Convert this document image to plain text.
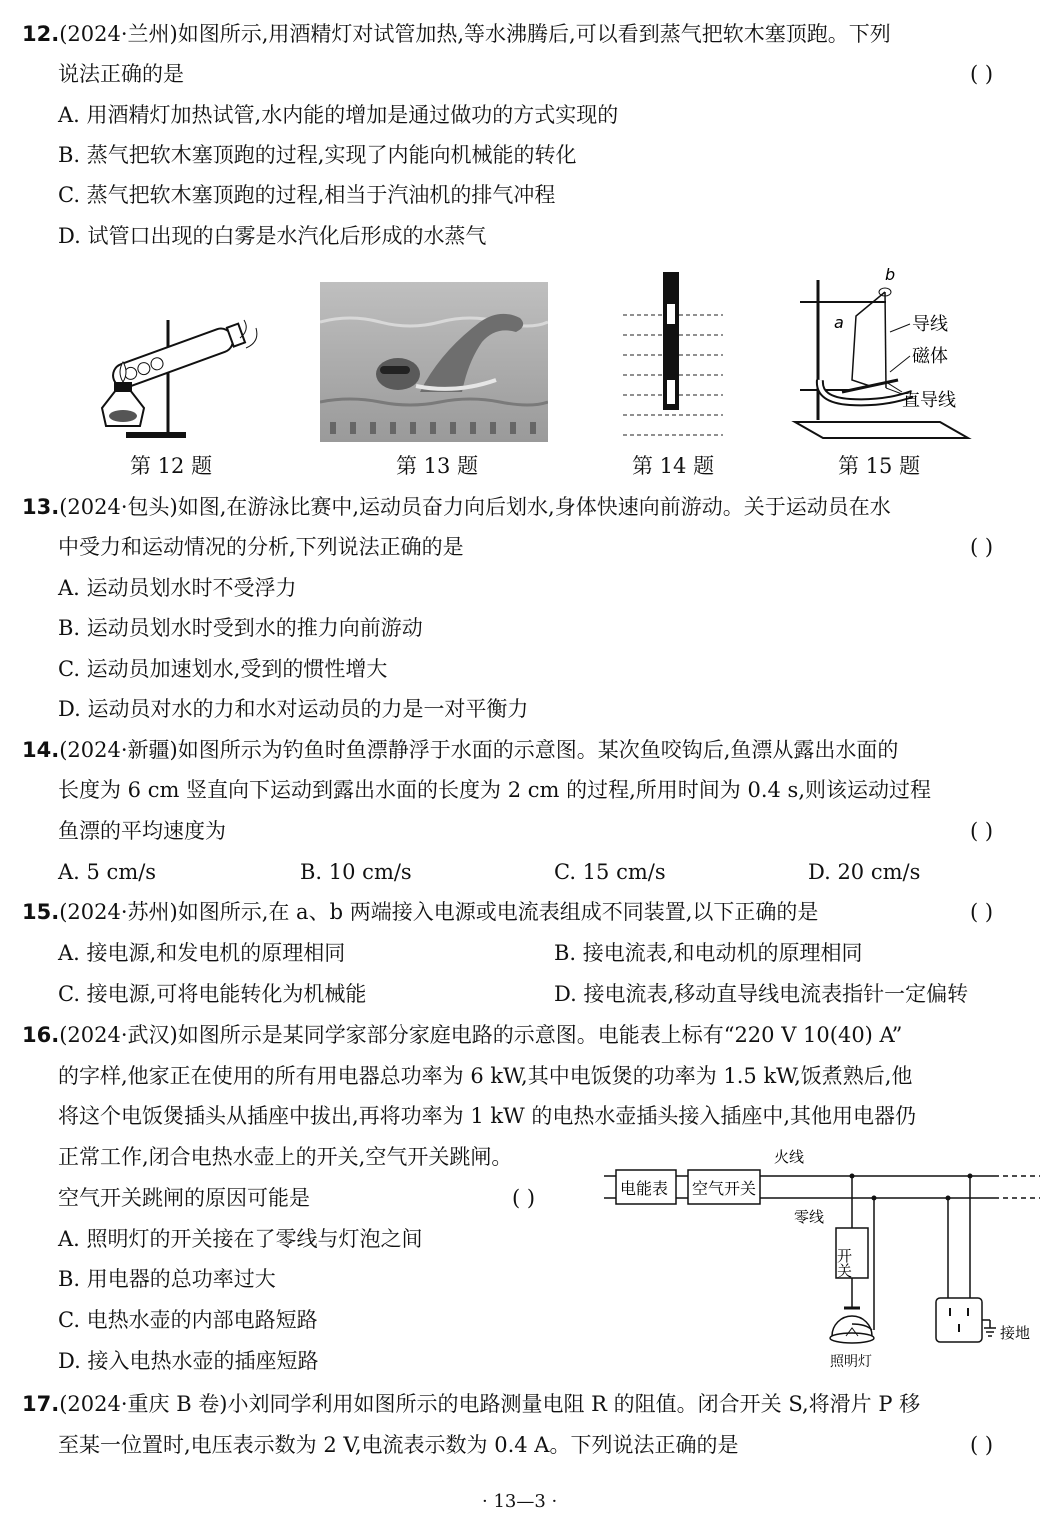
12.(2024·兰州)如图所示,用酒精灯对试管加热,等水沸腾后,可以看到蒸气把软木塞顶跑。下列
说法正确的是	( )
A. 用酒精灯加热试管,水内能的增加是通过做功的方式实现的
B. 蒸气把软木塞顶跑的过程,实现了内能向机械能的转化
C. 蒸气把软木塞顶跑的过程,相当于汽油机的排气冲程
D. 试管口出现的白雾是水汽化后形成的水蒸气
第 12 题	第 13 题	第 14 题
b
a	导线
磁体
直导线
第 15 题
13.(2024·包头)如图,在游泳比赛中,运动员奋力向后划水,身体快速向前游动。关于运动员在水
中受力和运动情况的分析,下列说法正确的是	( )
A. 运动员划水时不受浮力
B. 运动员划水时受到水的推力向前游动
C. 运动员加速划水,受到的惯性增大
D. 运动员对水的力和水对运动员的力是一对平衡力
14.(2024·新疆)如图所示为钓鱼时鱼漂静浮于水面的示意图。某次鱼咬钩后,鱼漂从露出水面的
长度为 6 cm 竖直向下运动到露出水面的长度为 2 cm 的过程,所用时间为 0.4 s,则该运动过程
鱼漂的平均速度为	( )
A. 5 cm/s	B. 10 cm/s	C. 15 cm/s	D. 20 cm/s
15.(2024·苏州)如图所示,在 a、b 两端接入电源或电流表组成不同装置,以下正确的是	( )
A. 接电源,和发电机的原理相同	B. 接电流表,和电动机的原理相同
C. 接电源,可将电能转化为机械能	D. 接电流表,移动直导线电流表指针一定偏转
16.(2024·武汉)如图所示是某同学家部分家庭电路的示意图。电能表上标有“220 V 10(40) A”
的字样,他家正在使用的所有用电器总功率为 6 kW,其中电饭煲的功率为 1.5 kW,饭煮熟后,他
将这个电饭煲插头从插座中拔出,再将功率为 1 kW 的电热水壶插头接入插座中,其他用电器仍
正常工作,闭合电热水壶上的开关,空气开关跳闸。
空气开关跳闸的原因可能是	( )
A. 照明灯的开关接在了零线与灯泡之间
B. 用电器的总功率过大
C. 电热水壶的内部电路短路
D. 接入电热水壶的插座短路
电能表 空气开关
火线
零线
开关
照明灯
接地
17.(2024·重庆 B 卷)小刘同学利用如图所示的电路测量电阻 R 的阻值。闭合开关 S,将滑片 P 移
至某一位置时,电压表示数为 2 V,电流表示数为 0.4 A。下列说法正确的是	( )
· 13—3 ·
